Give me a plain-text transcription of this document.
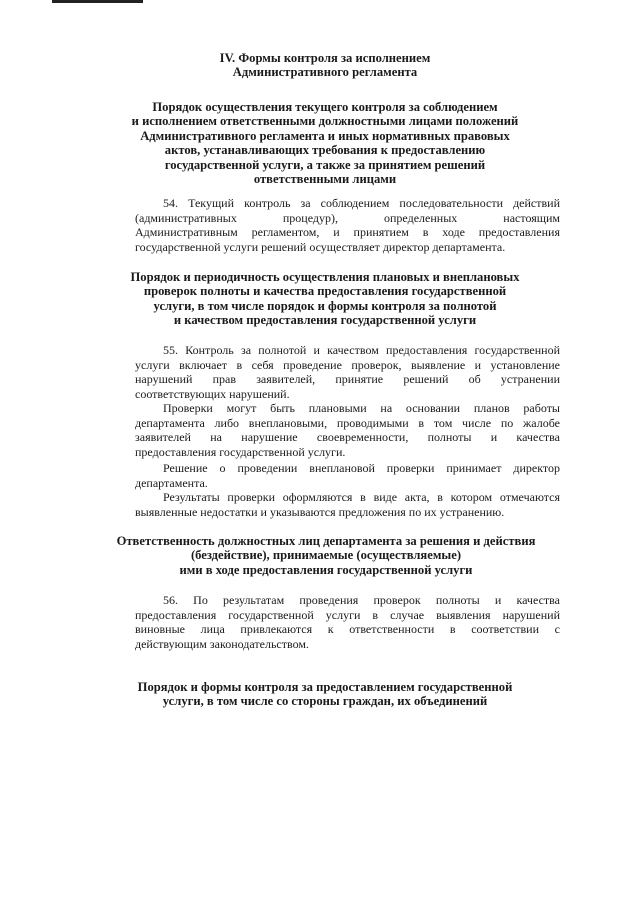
IV. Формы контроля за исполнением
Административного регламента
Порядок осуществления текущего контроля за соблюдением
и исполнением ответственными должностными лицами положений
Административного регламента и иных нормативных правовых
актов, устанавливающих требования к предоставлению
государственной услуги, а также за принятием решений
ответственными лицами
54. Текущий контроль за соблюдением последовательности действий
(административных процедур), определенных настоящим
Административным регламентом, и принятием в ходе предоставления
государственной услуги решений осуществляет директор департамента.
Порядок и периодичность осуществления плановых и внеплановых
проверок полноты и качества предоставления государственной
услуги, в том числе порядок и формы контроля за полнотой
и качеством предоставления государственной услуги
55. Контроль за полнотой и качеством предоставления государственной
услуги включает в себя проведение проверок, выявление и установление
нарушений прав заявителей, принятие решений об устранении
соответствующих нарушений.
Проверки могут быть плановыми на основании планов работы
департамента либо внеплановыми, проводимыми в том числе по жалобе
заявителей на нарушение своевременности, полноты и качества
предоставления государственной услуги.
Решение о проведении внеплановой проверки принимает директор
департамента.
Результаты проверки оформляются в виде акта, в котором отмечаются
выявленные недостатки и указываются предложения по их устранению.
Ответственность должностных лиц департамента за решения и действия
(бездействие), принимаемые (осуществляемые)
ими в ходе предоставления государственной услуги
56. По результатам проведения проверок полноты и качества
предоставления государственной услуги в случае выявления нарушений
виновные лица привлекаются к ответственности в соответствии с
действующим законодательством.
Порядок и формы контроля за предоставлением государственной
услуги, в том числе со стороны граждан, их объединений
